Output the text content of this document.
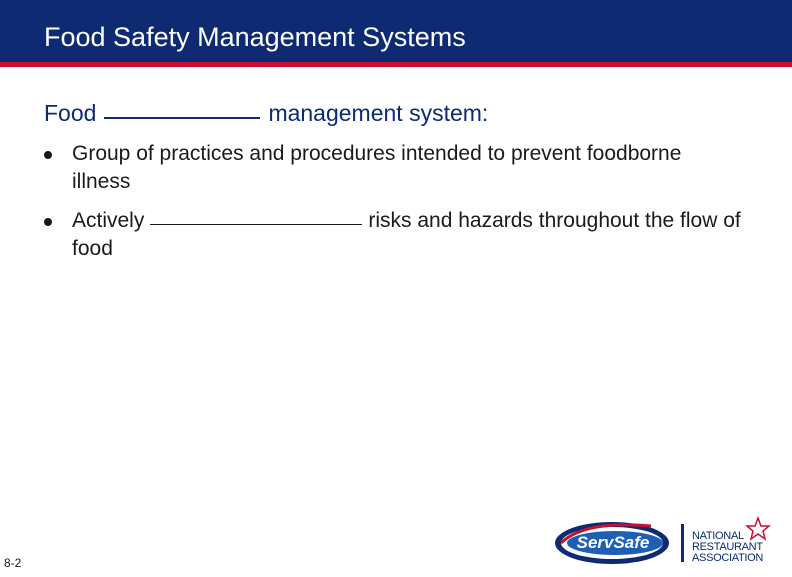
Food Safety Management Systems
Food	management system:
Group of practices and procedures intended to prevent foodborne illness
Actively	risks and hazards throughout the flow of food
8-2
ServSafe	NATIONAL
RESTAURANT
ASSOCIATION
